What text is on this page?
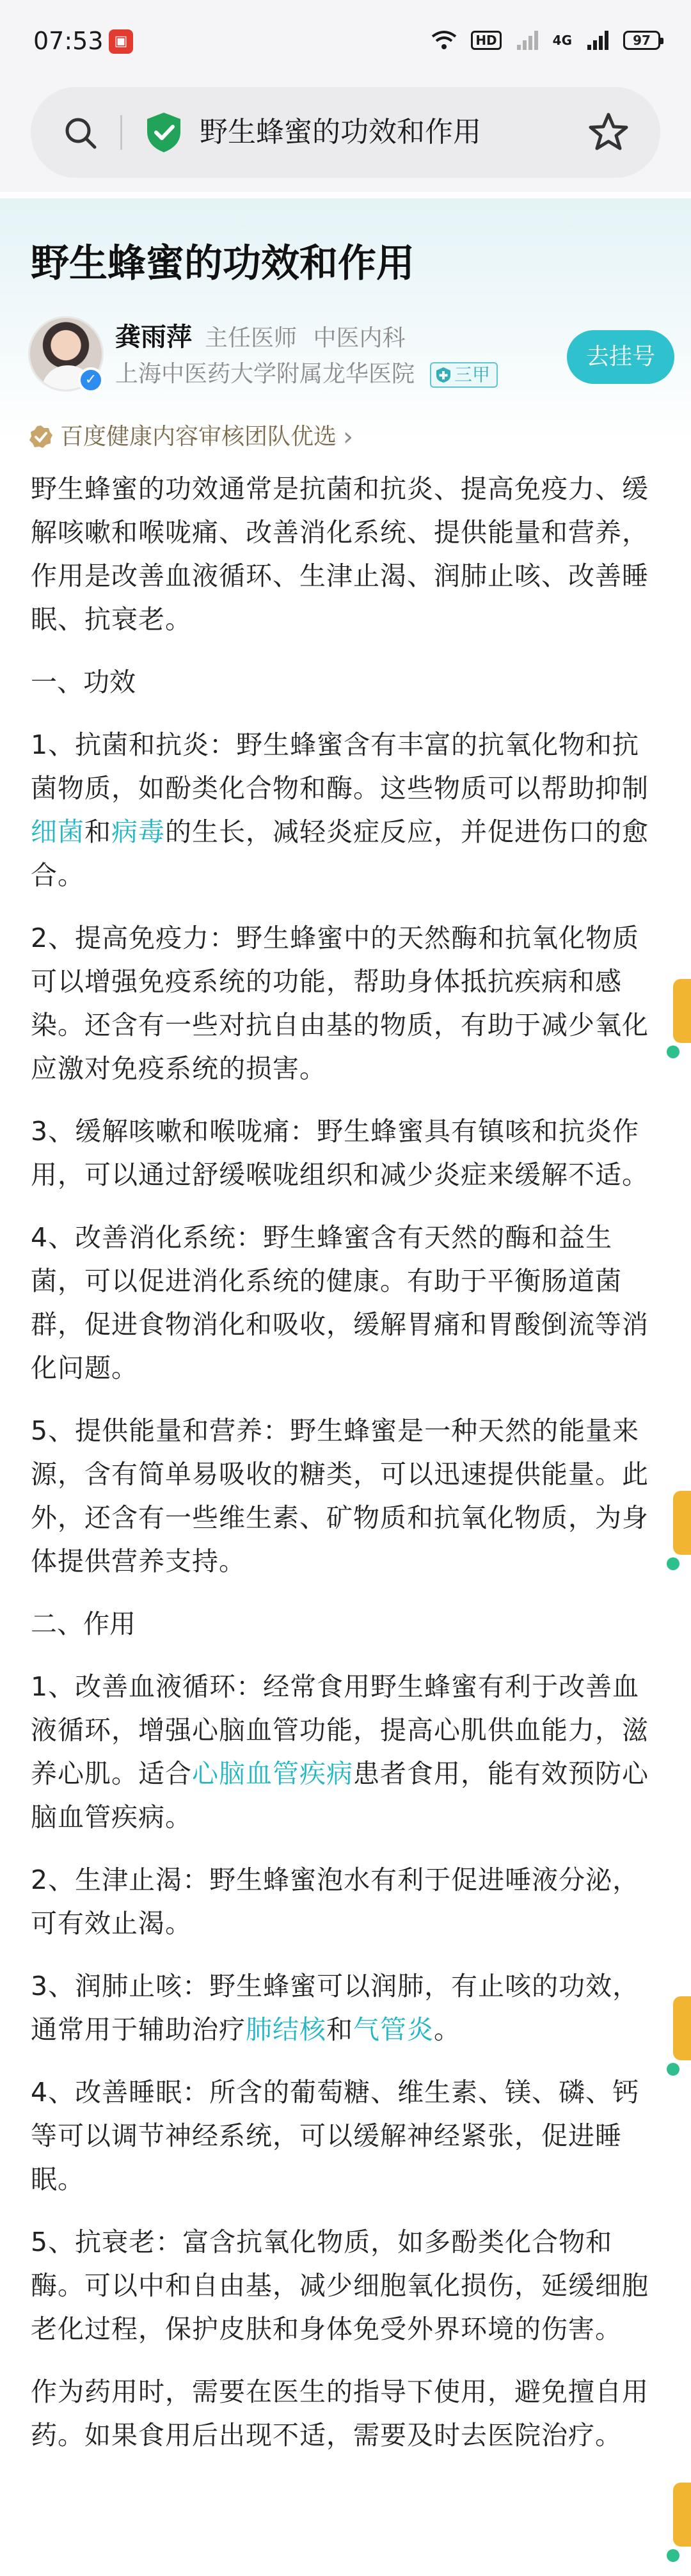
07:53 ▣	HD	4G	97
野生蜂蜜的功效和作用
野生蜂蜜的功效和作用
✓
龚雨萍 主任医师 中医内科
上海中医药大学附属龙华医院	三甲
去挂号
百度健康内容审核团队优选 ›

野生蜂蜜的功效通常是抗菌和抗炎、提高免疫力、缓解咳嗽和喉咙痛、改善消化系统、提供能量和营养，作用是改善血液循环、生津止渴、润肺止咳、改善睡眠、抗衰老。

一、功效

1、抗菌和抗炎：野生蜂蜜含有丰富的抗氧化物和抗菌物质，如酚类化合物和酶。这些物质可以帮助抑制细菌和病毒的生长，减轻炎症反应，并促进伤口的愈合。

2、提高免疫力：野生蜂蜜中的天然酶和抗氧化物质可以增强免疫系统的功能，帮助身体抵抗疾病和感染。还含有一些对抗自由基的物质，有助于减少氧化应激对免疫系统的损害。

3、缓解咳嗽和喉咙痛：野生蜂蜜具有镇咳和抗炎作用，可以通过舒缓喉咙组织和减少炎症来缓解不适。

4、改善消化系统：野生蜂蜜含有天然的酶和益生菌，可以促进消化系统的健康。有助于平衡肠道菌群，促进食物消化和吸收，缓解胃痛和胃酸倒流等消化问题。

5、提供能量和营养：野生蜂蜜是一种天然的能量来源，含有简单易吸收的糖类，可以迅速提供能量。此外，还含有一些维生素、矿物质和抗氧化物质，为身体提供营养支持。

二、作用

1、改善血液循环：经常食用野生蜂蜜有利于改善血液循环，增强心脑血管功能，提高心肌供血能力，滋养心肌。适合心脑血管疾病患者食用，能有效预防心脑血管疾病。

2、生津止渴：野生蜂蜜泡水有利于促进唾液分泌，可有效止渴。

3、润肺止咳：野生蜂蜜可以润肺，有止咳的功效，通常用于辅助治疗肺结核和气管炎。

4、改善睡眠：所含的葡萄糖、维生素、镁、磷、钙等可以调节神经系统，可以缓解神经紧张，促进睡眠。

5、抗衰老：富含抗氧化物质，如多酚类化合物和酶。可以中和自由基，减少细胞氧化损伤，延缓细胞老化过程，保护皮肤和身体免受外界环境的伤害。

作为药用时，需要在医生的指导下使用，避免擅自用药。如果食用后出现不适，需要及时去医院治疗。
